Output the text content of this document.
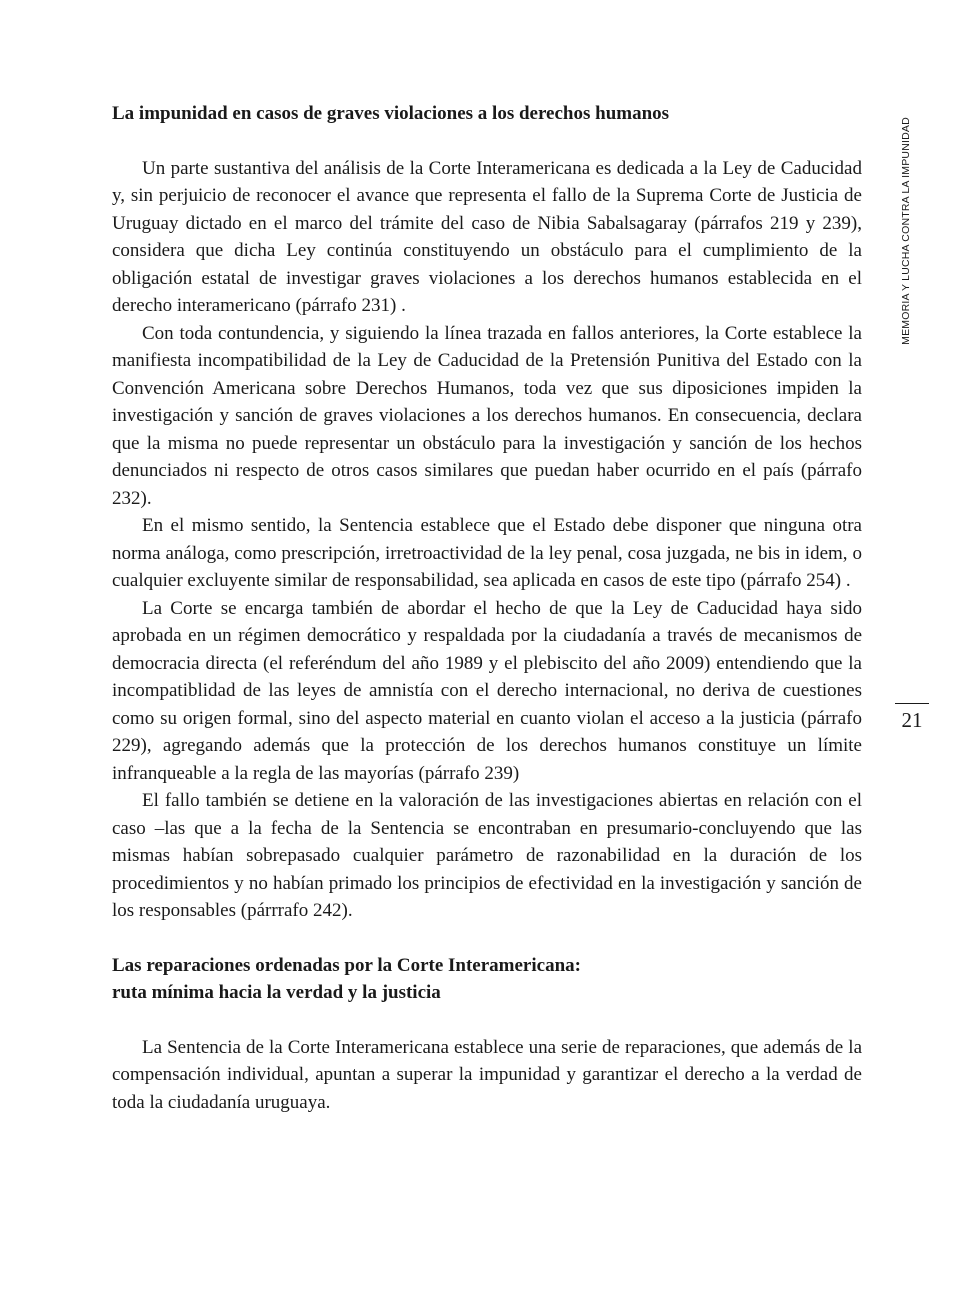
MEMORIA Y LUCHA CONTRA LA IMPUNIDAD
21
La impunidad en casos de graves violaciones a los derechos humanos

Un parte sustantiva del análisis de la Corte Interamericana es dedicada a la Ley de Caducidad y, sin perjuicio de reconocer el avance que representa el fallo de la Suprema Corte de Justicia de Uruguay dictado en el marco del trámite del caso de Nibia Sabalsagaray (párrafos 219 y 239), considera que dicha Ley continúa constituyendo un obstáculo para el cumplimiento de la obligación estatal de investigar graves violaciones a los derechos humanos establecida en el derecho interamericano (párrafo 231) .

Con toda contundencia, y siguiendo la línea trazada en fallos anteriores, la Corte establece la manifiesta incompatibilidad de la Ley de Caducidad de la Pretensión Punitiva del Estado con la Convención Americana sobre Derechos Humanos, toda vez que sus diposiciones impiden la investigación y sanción de graves violaciones a los derechos humanos. En consecuencia, declara que la misma no puede representar un obstáculo para la investigación y sanción de los hechos denunciados ni respecto de otros casos similares que puedan haber ocurrido en el país (párrafo 232).

En el mismo sentido, la Sentencia establece que el Estado debe disponer que ninguna otra norma análoga, como prescripción, irretroactividad de la ley penal, cosa juzgada, ne bis in idem, o cualquier excluyente similar de responsabilidad, sea aplicada en casos de este tipo (párrafo 254) .

La Corte se encarga también de abordar el hecho de que la Ley de Caducidad haya sido aprobada en un régimen democrático y respaldada por la ciudadanía a través de mecanismos de democracia directa (el referéndum del año 1989 y el plebiscito del año 2009) entendiendo que la incompatiblidad de las leyes de amnistía con el derecho internacional, no deriva de cuestiones como su origen formal, sino del aspecto material en cuanto violan el acceso a la justicia (párrafo 229), agregando además que la protección de los derechos humanos constituye un límite infranqueable a la regla de las mayorías (párrafo 239)

El fallo también se detiene en la valoración de las investigaciones abiertas en relación con el caso –las que a la fecha de la Sentencia se encontraban en presumario-concluyendo que las mismas habían sobrepasado cualquier parámetro de razonabilidad en la duración de los procedimientos y no habían primado los principios de efectividad en la investigación y sanción de los responsables (párrrafo 242).

Las reparaciones ordenadas por la Corte Interamericana:
ruta mínima hacia la verdad y la justicia

La Sentencia de la Corte Interamericana establece una serie de reparaciones, que además de la compensación individual, apuntan a superar la impunidad y garantizar el derecho a la verdad de toda la ciudadanía uruguaya.
